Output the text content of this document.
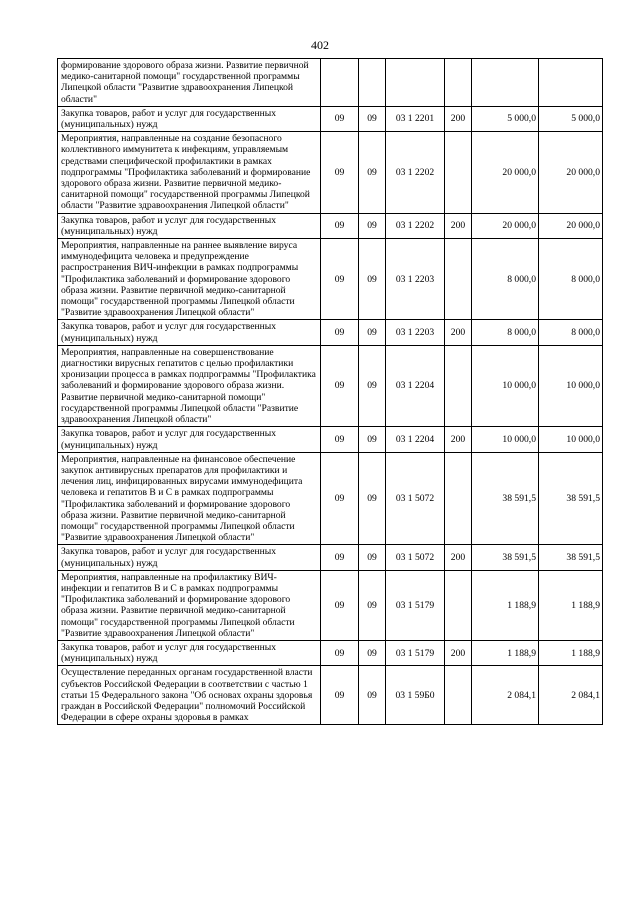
402
формирование здорового образа жизни. Развитие первичной медико-санитарной помощи" государственной программы Липецкой области "Развитие здравоохранения Липецкой области"						
Закупка товаров, работ и услуг для государственных (муниципальных) нужд	09	09	03 1 2201	200	5 000,0	5 000,0
Мероприятия, направленные на создание безопасного коллективного иммунитета к инфекциям, управляемым средствами специфической профилактики в рамках подпрограммы "Профилактика заболеваний и формирование здорового образа жизни. Развитие первичной медико-санитарной помощи" государственной программы Липецкой области "Развитие здравоохранения Липецкой области"	09	09	03 1 2202		20 000,0	20 000,0
Закупка товаров, работ и услуг для государственных (муниципальных) нужд	09	09	03 1 2202	200	20 000,0	20 000,0
Мероприятия, направленные на раннее выявление вируса иммунодефицита человека и предупреждение распространения ВИЧ-инфекции в рамках подпрограммы "Профилактика заболеваний и формирование здорового образа жизни. Развитие первичной медико-санитарной помощи" государственной программы Липецкой области "Развитие здравоохранения Липецкой области"	09	09	03 1 2203		8 000,0	8 000,0
Закупка товаров, работ и услуг для государственных (муниципальных) нужд	09	09	03 1 2203	200	8 000,0	8 000,0
Мероприятия, направленные на совершенствование диагностики вирусных гепатитов с целью профилактики хронизации процесса в рамках подпрограммы "Профилактика заболеваний и формирование здорового образа жизни. Развитие первичной медико-санитарной помощи" государственной программы Липецкой области "Развитие здравоохранения Липецкой области"	09	09	03 1 2204		10 000,0	10 000,0
Закупка товаров, работ и услуг для государственных (муниципальных) нужд	09	09	03 1 2204	200	10 000,0	10 000,0
Мероприятия, направленные на финансовое обеспечение закупок антивирусных препаратов для профилактики и лечения лиц, инфицированных вирусами иммунодефицита человека и гепатитов В и С в рамках подпрограммы "Профилактика заболеваний и формирование здорового образа жизни. Развитие первичной медико-санитарной помощи" государственной программы Липецкой области "Развитие здравоохранения Липецкой области"	09	09	03 1 5072		38 591,5	38 591,5
Закупка товаров, работ и услуг для государственных (муниципальных) нужд	09	09	03 1 5072	200	38 591,5	38 591,5
Мероприятия, направленные на профилактику ВИЧ-инфекции и гепатитов В и С в рамках подпрограммы "Профилактика заболеваний и формирование здорового образа жизни. Развитие первичной медико-санитарной помощи" государственной программы Липецкой области "Развитие здравоохранения Липецкой области"	09	09	03 1 5179		1 188,9	1 188,9
Закупка товаров, работ и услуг для государственных (муниципальных) нужд	09	09	03 1 5179	200	1 188,9	1 188,9
Осуществление переданных органам государственной власти субъектов Российской Федерации в соответствии с частью 1 статьи 15 Федерального закона "Об основах охраны здоровья граждан в Российской Федерации" полномочий Российской Федерации в сфере охраны здоровья в рамках	09	09	03 1 59Б0		2 084,1	2 084,1
